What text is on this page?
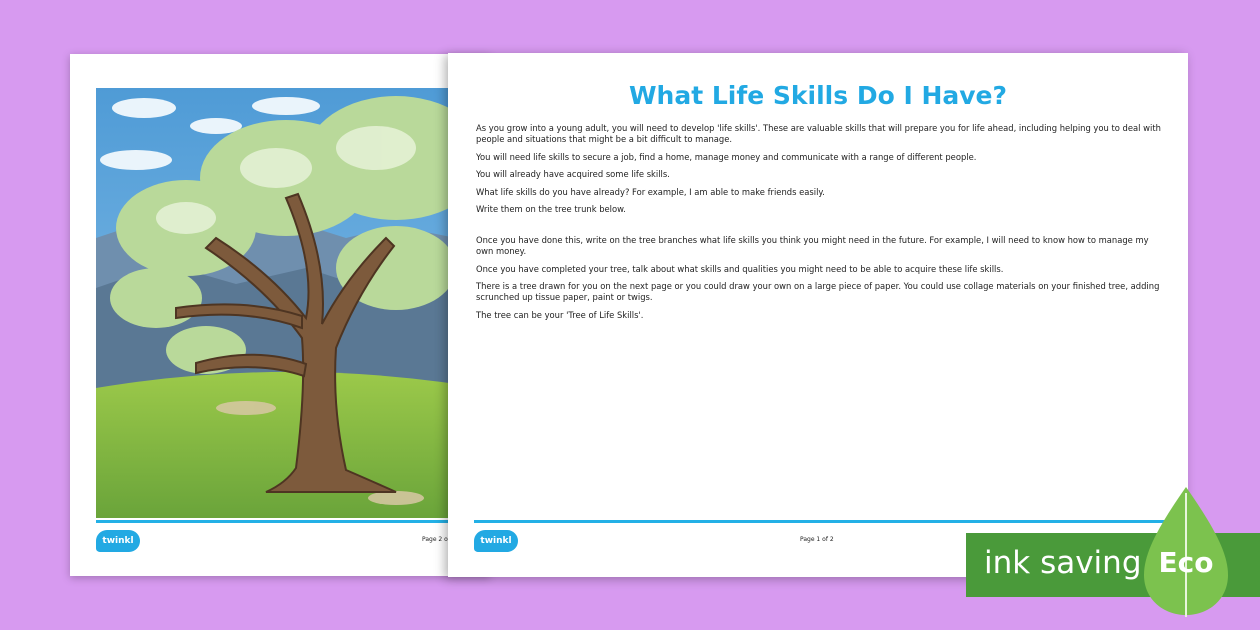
twinkl	Page 2 o
What Life Skills Do I Have?

As you grow into a young adult, you will need to develop 'life skills'. These are valuable skills that will prepare you for life ahead, including helping you to deal with people and situations that might be a bit difficult to manage.

You will need life skills to secure a job, find a home, manage money and communicate with a range of different people.

You will already have acquired some life skills.

What life skills do you have already? For example, I am able to make friends easily.

Write them on the tree trunk below.

Once you have done this, write on the tree branches what life skills you think you might need in the future. For example, I will need to know how to manage my own money.

Once you have completed your tree, talk about what skills and qualities you might need to be able to acquire these life skills.

There is a tree drawn for you on the next page or you could draw your own on a large piece of paper. You could use collage materials on your finished tree, adding scrunched up tissue paper, paint or twigs.

The tree can be your 'Tree of Life Skills'.

twinkl	Page 1 of 2
ink saving Eco
